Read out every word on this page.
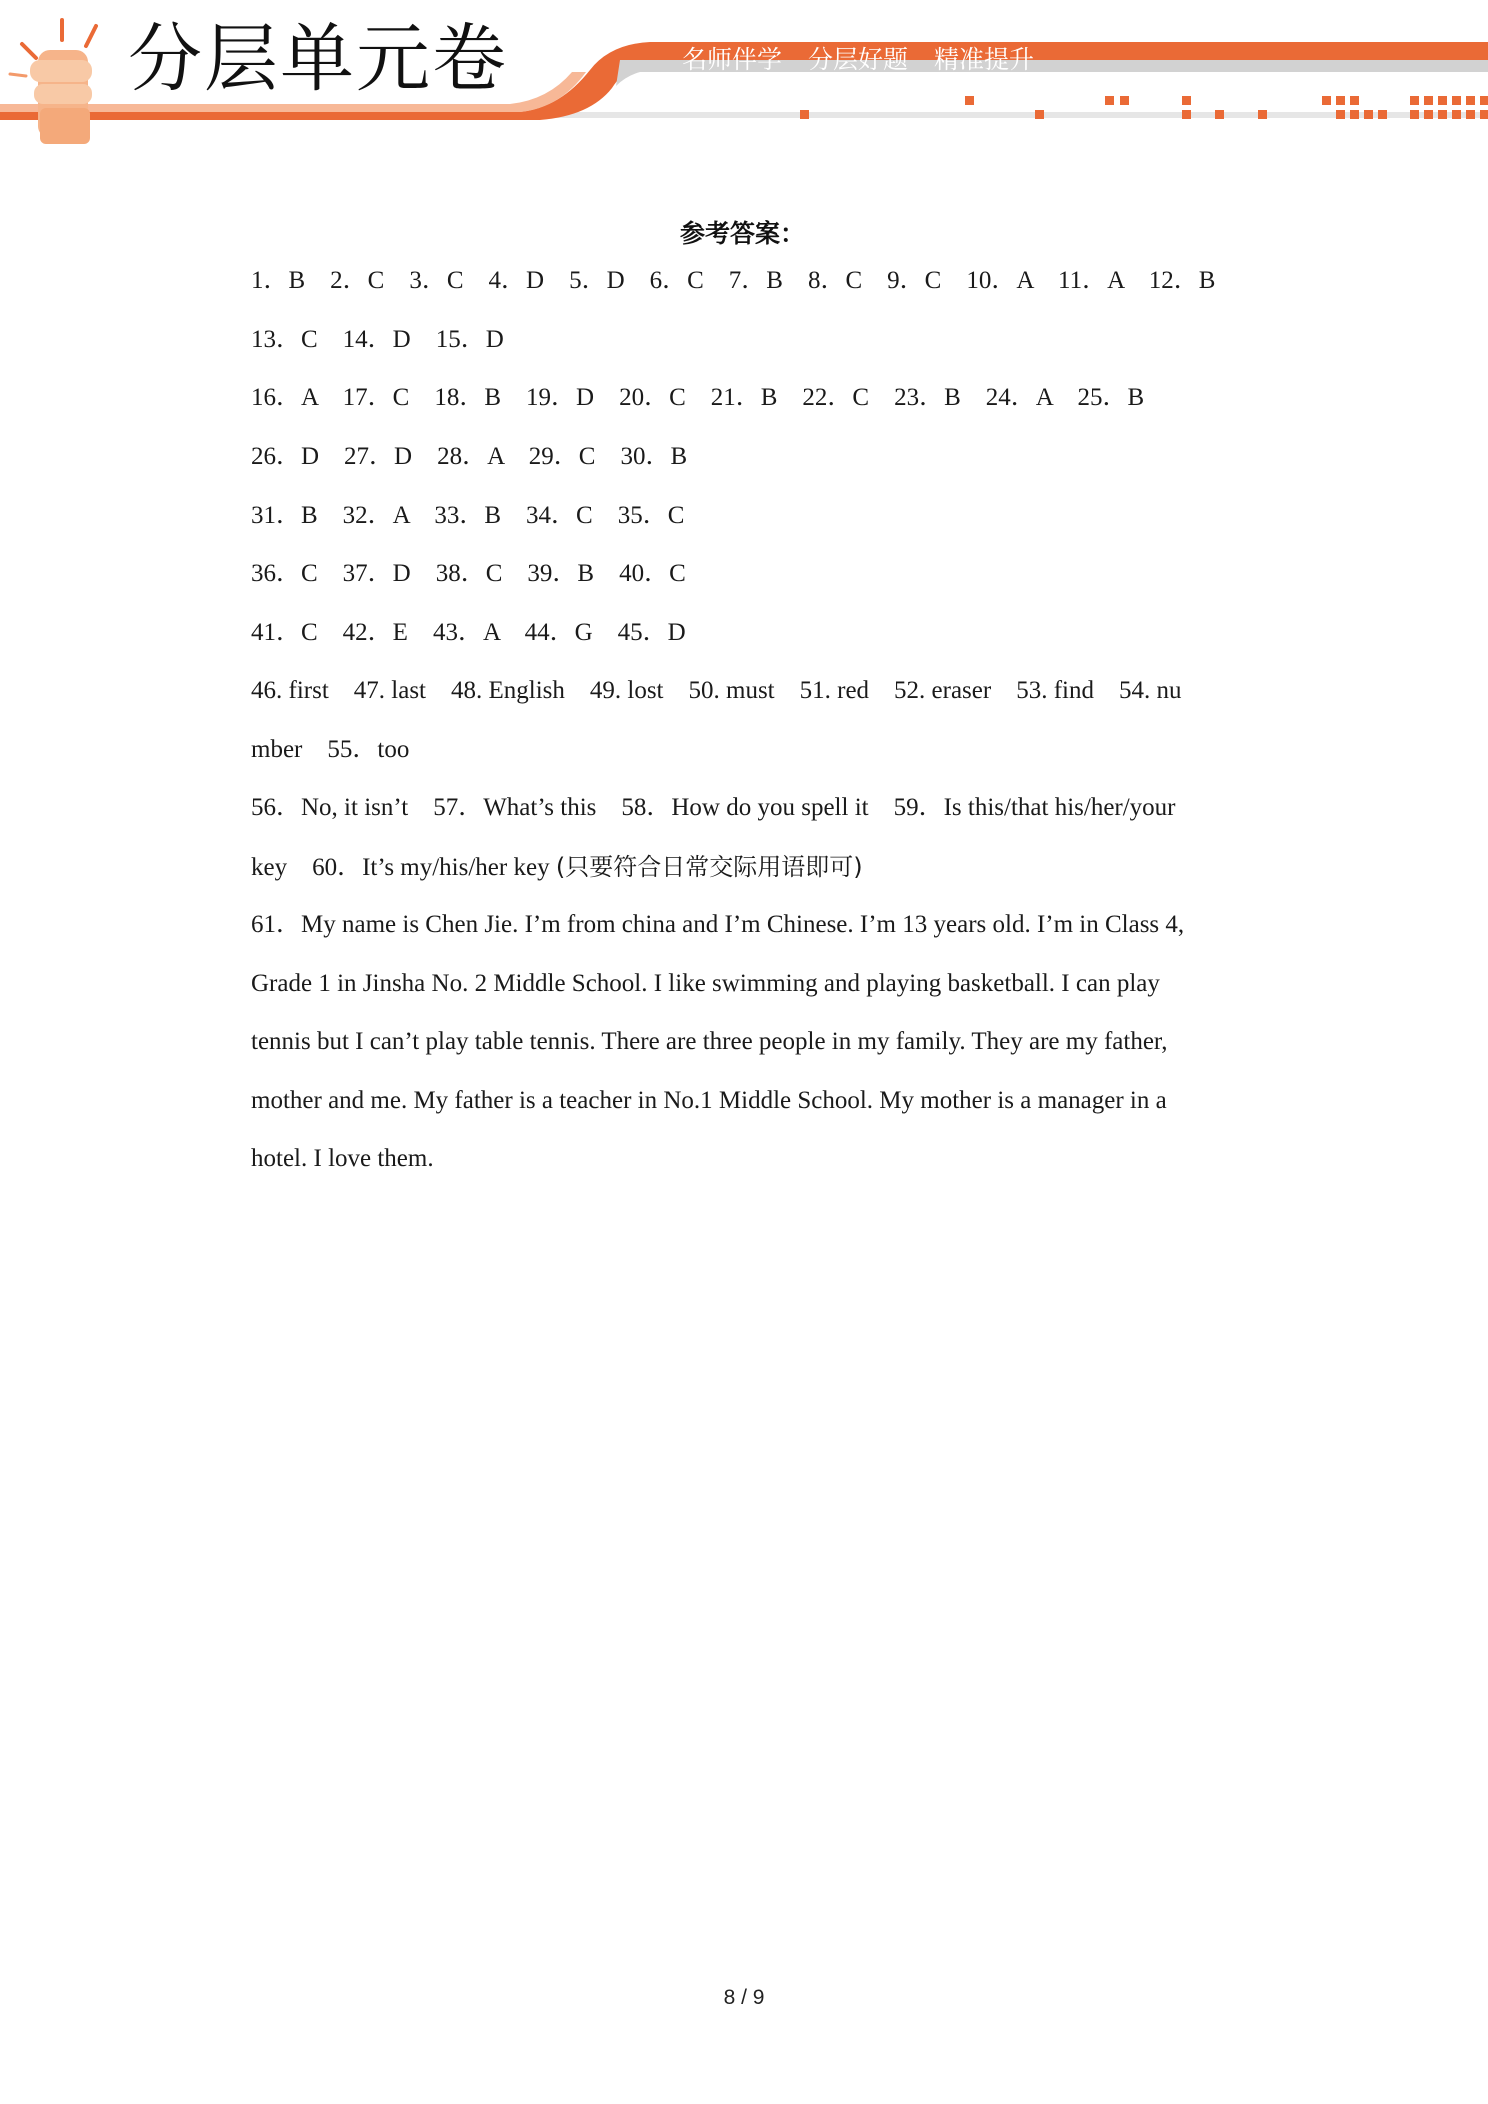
分层单元卷	名师伴学 分层好题 精准提升
参考答案：
1．B　2．C　3．C　4．D　5．D　6．C　7．B　8．C　9．C　10．A　11．A　12．B
13．C　14．D　15．D
16．A　17．C　18．B　19．D　20．C　21．B　22．C　23．B　24．A　25．B
26．D　27．D　28．A　29．C　30．B
31．B　32．A　33．B　34．C　35．C
36．C　37．D　38．C　39．B　40．C
41．C　42．E　43．A　44．G　45．D
46. first　47. last　48. English　49. lost　50. must　51. red　52. eraser　53. find　54. nu
mber　55．too
56．No, it isn’t　57．What’s this　58．How do you spell it　59．Is this/that his/her/your
key　60．It’s my/his/her key (只要符合日常交际用语即可)
61．My name is Chen Jie. I’m from china and I’m Chinese. I’m 13 years old. I’m in Class 4,
Grade 1 in Jinsha No. 2 Middle School. I like swimming and playing basketball. I can play
tennis but I can’t play table tennis. There are three people in my family. They are my father,
mother and me. My father is a teacher in No.1 Middle School. My mother is a manager in a
hotel. I love them.
8 / 9
